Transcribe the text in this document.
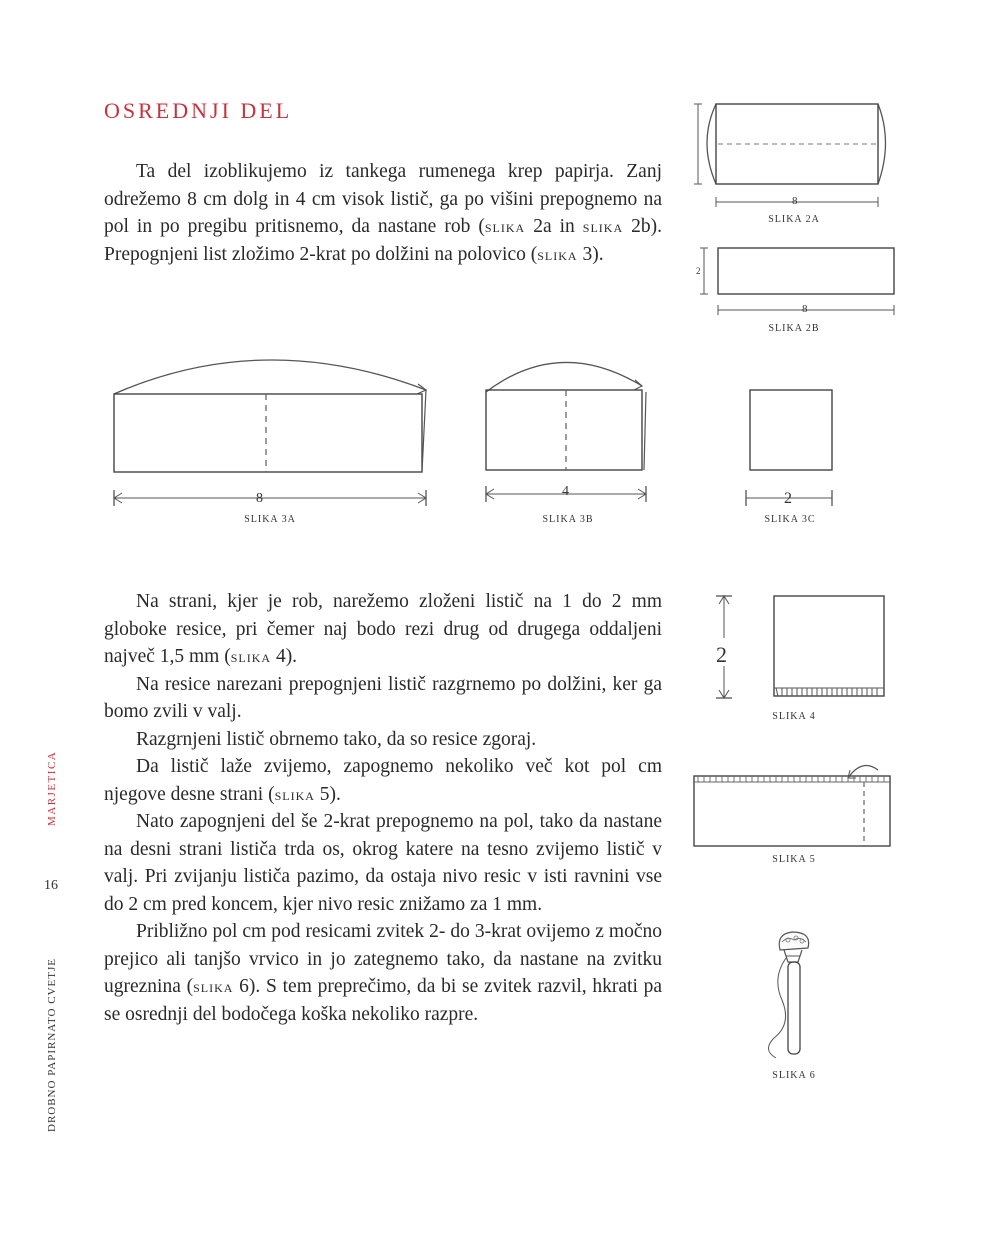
OSREDNJI DEL

Ta del izoblikujemo iz tankega rumenega krep papirja. Zanj odrežemo 8 cm dolg in 4 cm visok listič, ga po višini prepognemo na pol in po pregibu pritisnemo, da nastane rob (slika 2a in slika 2b). Prepognjeni list zložimo 2-krat po dolžini na polovico (slika 3).

8
SLIKA 2A
2
8
SLIKA 2B
8
SLIKA 3A
4
SLIKA 3B
2
SLIKA 3C

Na strani, kjer je rob, narežemo zloženi listič na 1 do 2 mm globoke resice, pri čemer naj bodo rezi drug od drugega oddaljeni največ 1,5 mm (slika 4).

Na resice narezani prepognjeni listič razgrnemo po dolžini, ker ga bomo zvili v valj.

Razgrnjeni listič obrnemo tako, da so resice zgoraj.

Da listič laže zvijemo, zapognemo nekoliko več kot pol cm njegove desne strani (slika 5).

Nato zapognjeni del še 2-krat prepognemo na pol, tako da nastane na desni strani lističa trda os, okrog katere na tesno zvijemo listič v valj. Pri zvijanju lističa pazimo, da ostaja nivo resic v isti ravnini vse do 2 cm pred koncem, kjer nivo resic znižamo za 1 mm.

Približno pol cm pod resicami zvitek 2- do 3-krat ovijemo z močno prejico ali tanjšo vrvico in jo zategnemo tako, da nastane na zvitku ugreznina (slika 6). S tem preprečimo, da bi se zvitek razvil, hkrati pa se osrednji del bodočega koška nekoliko razpre.

2
SLIKA 4
SLIKA 5
SLIKA 6
MARJETICA
16
DROBNO PAPIRNATO CVETJE
